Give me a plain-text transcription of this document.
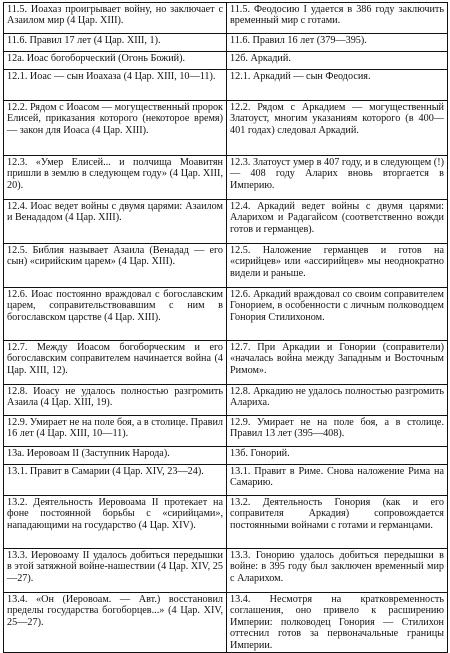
11.5. Иоахаз проигрывает войну, но заключает с Азаилом мир (4 Цар. XIII).	11.5. Феодосию I удается в 386 году заключить временный мир с готами.
11.6. Правил 17 лет (4 Цар. XIII, 1).	11.6. Правил 16 лет (379—395).
12а. Иоас богоборческий (Огонь Божий).	12б. Аркадий.
12.1. Иоас — сын Иоахаза (4 Цар. XIII, 10—11).	12.1. Аркадий — сын Феодосия.
12.2. Рядом с Иоасом — могущественный пророк Елисей, приказания которого (некоторое время) — закон для Иоаса (4 Цар. XIII).	12.2. Рядом с Аркадием — могущественный Златоуст, многим указаниям которого (в 400—401 годах) следовал Аркадий.
12.3. «Умер Елисей... и полчища Моавитян пришли в землю в следующем году» (4 Цар. XIII, 20).	12.3. Златоуст умер в 407 году, и в следующем (!) — 408 году Аларих вновь вторгается в Империю.
12.4. Иоас ведет войны с двумя царями: Азаилом и Венададом (4 Цар. XIII).	12.4. Аркадий ведет войны с двумя царями: Аларихом и Радагайсом (соответственно вожди готов и германцев).
12.5. Библия называет Азаила (Венадад — его сын) «сирийским царем» (4 Цар. XIII).	12.5. Наложение германцев и готов на «сирийцев» или «ассирийцев» мы неоднократно видели и раньше.
12.6. Иоас постоянно враждовал с богославским царем, соправительствовавшим с ним в богославском царстве (4 Цар. XIII).	12.6. Аркадий враждовал со своим соправителем Гонорием, в особенности с личным полководцем Гонория Стилихоном.
12.7. Между Иоасом богоборческим и его богославским соправителем начинается война (4 Цар. XIII, 12).	12.7. При Аркадии и Гонории (соправители) «началась война между Западным и Восточным Римом».
12.8. Иоасу не удалось полностью разгромить Азаила (4 Цар. XIII, 19).	12.8. Аркадию не удалось полностью разгромить Алариха.
12.9. Умирает не на поле боя, а в столице. Правил 16 лет (4 Цар. XIII, 10—11).	12.9. Умирает не на поле боя, а в столице. Правил 13 лет (395—408).
13а. Иеровоам II (Заступник Народа).	13б. Гонорий.
13.1. Правит в Самарии (4 Цар. XIV, 23—24).	13.1. Правит в Риме. Снова наложение Рима на Самарию.
13.2. Деятельность Иеровоама II протекает на фоне постоянной борьбы с «сирийцами», нападающими на государство (4 Цар. XIV).	13.2. Деятельность Гонория (как и его соправителя Аркадия) сопровождается постоянными войнами с готами и германцами.
13.3. Иеровоаму II удалось добиться передышки в этой затяжной войне-нашествии (4 Цар. XIV, 25—27).	13.3. Гонорию удалось добиться передышки в войне: в 395 году был заключен временный мир с Аларихом.
13.4. «Он (Иеровоам. — Авт.) восстановил пределы государства богоборцев...» (4 Цар. XIV, 25—27).	13.4. Несмотря на кратковременность соглашения, оно привело к расширению Империи: полководец Гонория — Стилихон оттеснил готов за первоначальные границы Империи.
